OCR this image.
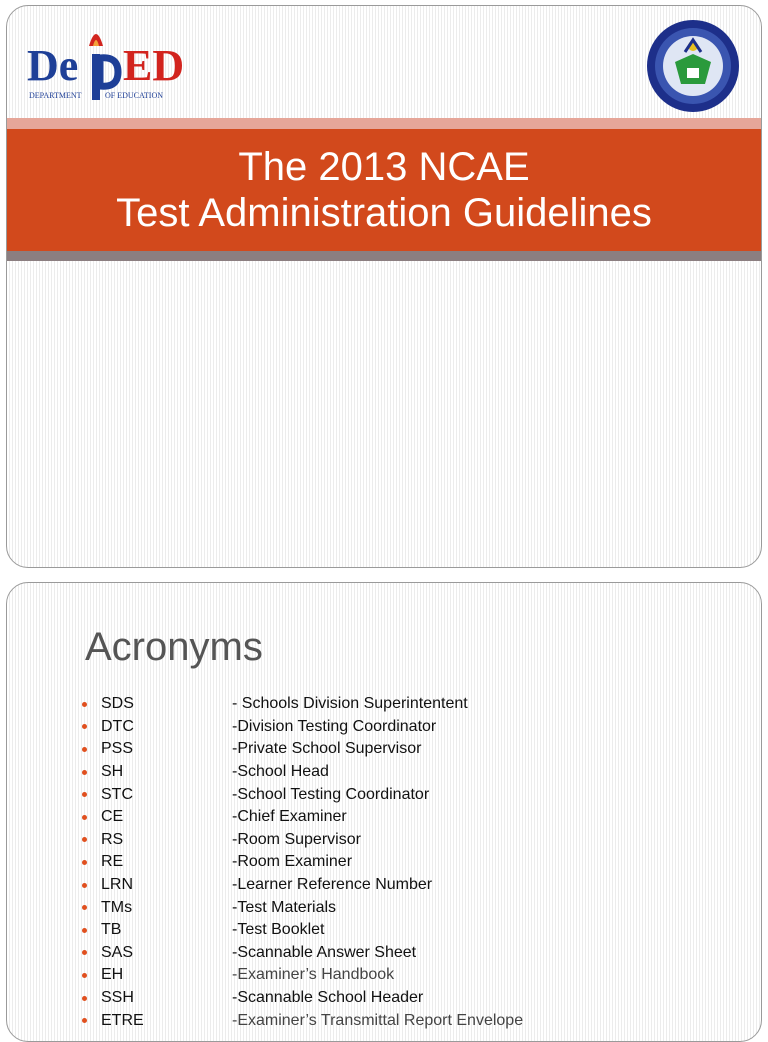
De ED
DEPARTMENT	OF EDUCATION
The 2013 NCAE
Test Administration Guidelines
Acronyms
SDS	- Schools Division Superintentent
DTC	-Division Testing Coordinator
PSS	-Private School Supervisor
SH	-School Head
STC	-School Testing Coordinator
CE	-Chief Examiner
RS	-Room Supervisor
RE	-Room Examiner
LRN	-Learner Reference Number
TMs	-Test Materials
TB	-Test Booklet
SAS	-Scannable Answer Sheet
EH	-Examiner’s Handbook
SSH	-Scannable School Header
ETRE	-Examiner’s Transmittal Report Envelope
